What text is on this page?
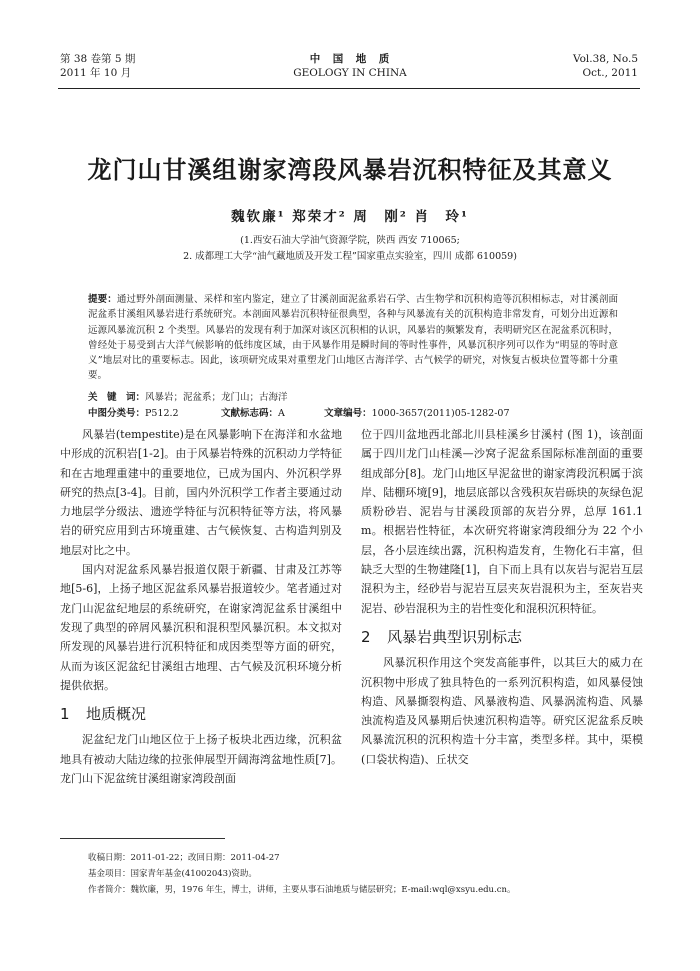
第 38 卷第 5 期
2011 年 10 月
中　国　地　质
GEOLOGY IN CHINA
Vol.38, No.5
Oct., 2011
龙门山甘溪组谢家湾段风暴岩沉积特征及其意义
魏钦廉¹ 郑荣才² 周　刚² 肖　玲¹
(1.西安石油大学油气资源学院，陕西 西安 710065;
2. 成都理工大学“油气藏地质及开发工程”国家重点实验室，四川 成都 610059)
提要：通过野外剖面测量、采样和室内鉴定，建立了甘溪剖面泥盆系岩石学、古生物学和沉积构造等沉积相标志，对甘溪剖面泥盆系甘溪组风暴岩进行系统研究。本剖面风暴岩沉积特征很典型，各种与风暴流有关的沉积构造非常发育，可划分出近源和远源风暴流沉积 2 个类型。风暴岩的发现有利于加深对该区沉积相的认识，风暴岩的频繁发育，表明研究区在泥盆系沉积时，曾经处于易受到古大洋气候影响的低纬度区域，由于风暴作用是瞬时间的等时性事件，风暴沉积序列可以作为“明显的等时意义”地层对比的重要标志。因此，该项研究成果对重塑龙门山地区古海洋学、古气候学的研究，对恢复古板块位置等都十分重要。
关　键　词：风暴岩；泥盆系；龙门山；古海洋
中图分类号：P512.2	文献标志码：A	文章编号：1000-3657(2011)05-1282-07

风暴岩(tempestite)是在风暴影响下在海洋和水盆地中形成的沉积岩[1-2]。由于风暴岩特殊的沉积动力学特征和在古地理重建中的重要地位，已成为国内、外沉积学界研究的热点[3-4]。目前，国内外沉积学工作者主要通过动力地层学分级法、遗迹学特征与沉积特征等方法，将风暴岩的研究应用到古环境重建、古气候恢复、古构造判别及地层对比之中。

国内对泥盆系风暴岩报道仅限于新疆、甘肃及江苏等地[5-6]，上扬子地区泥盆系风暴岩报道较少。笔者通过对龙门山泥盆纪地层的系统研究，在谢家湾泥盆系甘溪组中发现了典型的碎屑风暴沉积和混积型风暴沉积。本文拟对所发现的风暴岩进行沉积特征和成因类型等方面的研究，从而为该区泥盆纪甘溪组古地理、古气候及沉积环境分析提供依据。

1 地质概况

泥盆纪龙门山地区位于上扬子板块北西边缘，沉积盆地具有被动大陆边缘的拉张伸展型开阔海湾盆地性质[7]。龙门山下泥盆统甘溪组谢家湾段剖面

位于四川盆地西北部北川县桂溪乡甘溪村 (图 1)，该剖面属于四川龙门山桂溪—沙窝子泥盆系国际标准剖面的重要组成部分[8]。龙门山地区早泥盆世的谢家湾段沉积属于滨岸、陆棚环境[9]，地层底部以含残积灰岩砾块的灰绿色泥质粉砂岩、泥岩与甘溪段顶部的灰岩分界，总厚 161.1 m。根据岩性特征，本次研究将谢家湾段细分为 22 个小层，各小层连续出露，沉积构造发育，生物化石丰富，但缺乏大型的生物建隆[1]，自下而上具有以灰岩与泥岩互层混积为主，经砂岩与泥岩互层夹灰岩混积为主，至灰岩夹泥岩、砂岩混积为主的岩性变化和混积沉积特征。

2 风暴岩典型识别标志

风暴沉积作用这个突发高能事件，以其巨大的威力在沉积物中形成了独具特色的一系列沉积构造，如风暴侵蚀构造、风暴撕裂构造、风暴液构造、风暴涡流构造、风暴浊流构造及风暴期后快速沉积构造等。研究区泥盆系反映风暴流沉积的沉积构造十分丰富，类型多样。其中，渠模(口袋状构造)、丘状交

收稿日期：2011-01-22；改回日期：2011-04-27
基金项目：国家青年基金(41002043)资助。
作者简介：魏钦廉，男，1976 年生，博士，讲师，主要从事石油地质与储层研究；E-mail:wql@xsyu.edu.cn。
